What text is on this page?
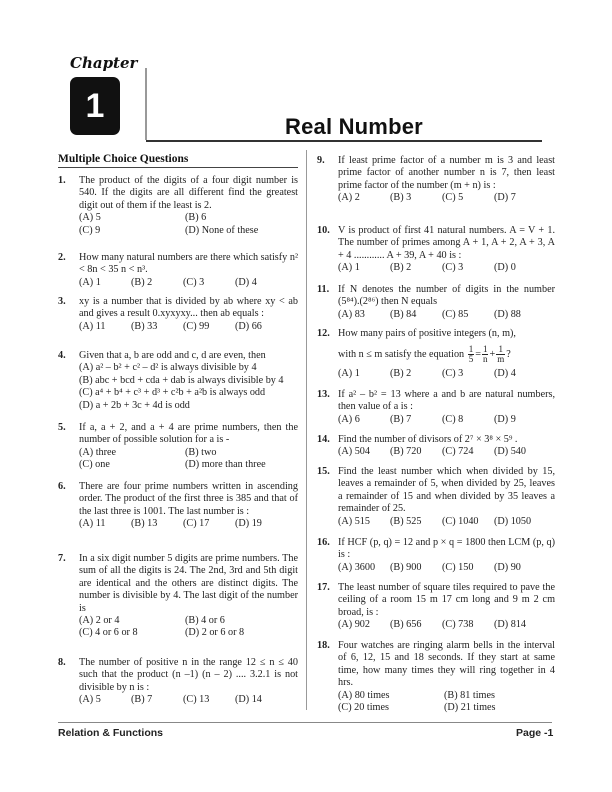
Chapter
1
Real Number
Multiple Choice Questions
1. The product of the digits of a four digit number is 540. If the digits are all different find the greatest digit out of them if the least is 2.
(A) 5	(B) 6
(C) 9	(D) None of these
2. How many natural numbers are there which satisfy n² < 8n < 35 n < n³.
(A) 1	(B) 2	(C) 3	(D) 4
3. xy is a number that is divided by ab where xy < ab and gives a result 0.xyxyxy... then ab equals :
(A) 11	(B) 33	(C) 99	(D) 66
4. Given that a, b are odd and c, d are even, then
(A) a² – b² + c² – d² is always divisible by 4
(B) abc + bcd + cda + dab is always divisible by 4
(C) a⁴ + b⁴ + c³ + d³ + c²b + a²b is always odd
(D) a + 2b + 3c + 4d is odd
5. If a, a + 2, and a + 4 are prime numbers, then the number of possible solution for a is -
(A) three	(B) two
(C) one	(D) more than three
6. There are four prime numbers written in ascending order. The product of the first three is 385 and that of the last three is 1001. The last number is :
(A) 11	(B) 13	(C) 17	(D) 19
7. In a six digit number 5 digits are prime numbers. The sum of all the digits is 24. The 2nd, 3rd and 5th digit are identical and the others are distinct digits. The number is divisible by 4. The last digit of the number is
(A) 2 or 4	(B) 4 or 6
(C) 4 or 6 or 8	(D) 2 or 6 or 8
8. The number of positive n in the range 12 ≤ n ≤ 40 such that the product (n –1) (n – 2) .... 3.2.1 is not divisible by n is :
(A) 5	(B) 7	(C) 13	(D) 14
9. If least prime factor of a number m is 3 and least prime factor of another number n is 7, then least prime factor of the number (m + n) is :
(A) 2	(B) 3	(C) 5	(D) 7
10. V is product of first 41 natural numbers. A = V + 1. The number of primes among A + 1, A + 2, A + 3, A + 4 ............ A + 39, A + 40 is :
(A) 1	(B) 2	(C) 3	(D) 0
11. If N denotes the number of digits in the number (5⁸⁴).(2⁸⁶) then N equals
(A) 83	(B) 84	(C) 85	(D) 88
12. How many pairs of positive integers (n, m),
with n ≤ m satisfy the equation $\frac{1}{5} = \frac{1}{n} + \frac{1}{m}$ ?
(A) 1	(B) 2	(C) 3	(D) 4
13. If a² – b² = 13 where a and b are natural numbers, then value of a is :
(A) 6	(B) 7	(C) 8	(D) 9
14. Find the number of divisors of 2⁷ × 3⁸ × 5⁹ .
(A) 504	(B) 720	(C) 724	(D) 540
15. Find the least number which when divided by 15, leaves a remainder of 5, when divided by 25, leaves a remainder of 15 and when divided by 35 leaves a remainder of 25.
(A) 515	(B) 525	(C) 1040	(D) 1050
16. If HCF (p, q) = 12 and p × q = 1800 then LCM (p, q) is :
(A) 3600	(B) 900	(C) 150	(D) 90
17. The least number of square tiles required to pave the ceiling of a room 15 m 17 cm long and 9 m 2 cm broad, is :
(A) 902	(B) 656	(C) 738	(D) 814
18. Four watches are ringing alarm bells in the interval of 6, 12, 15 and 18 seconds. If they start at same time, how many times they will ring together in 4 hrs.
(A) 80 times	(B) 81 times
(C) 20 times	(D) 21 times
Relation & Functions	Page -1
